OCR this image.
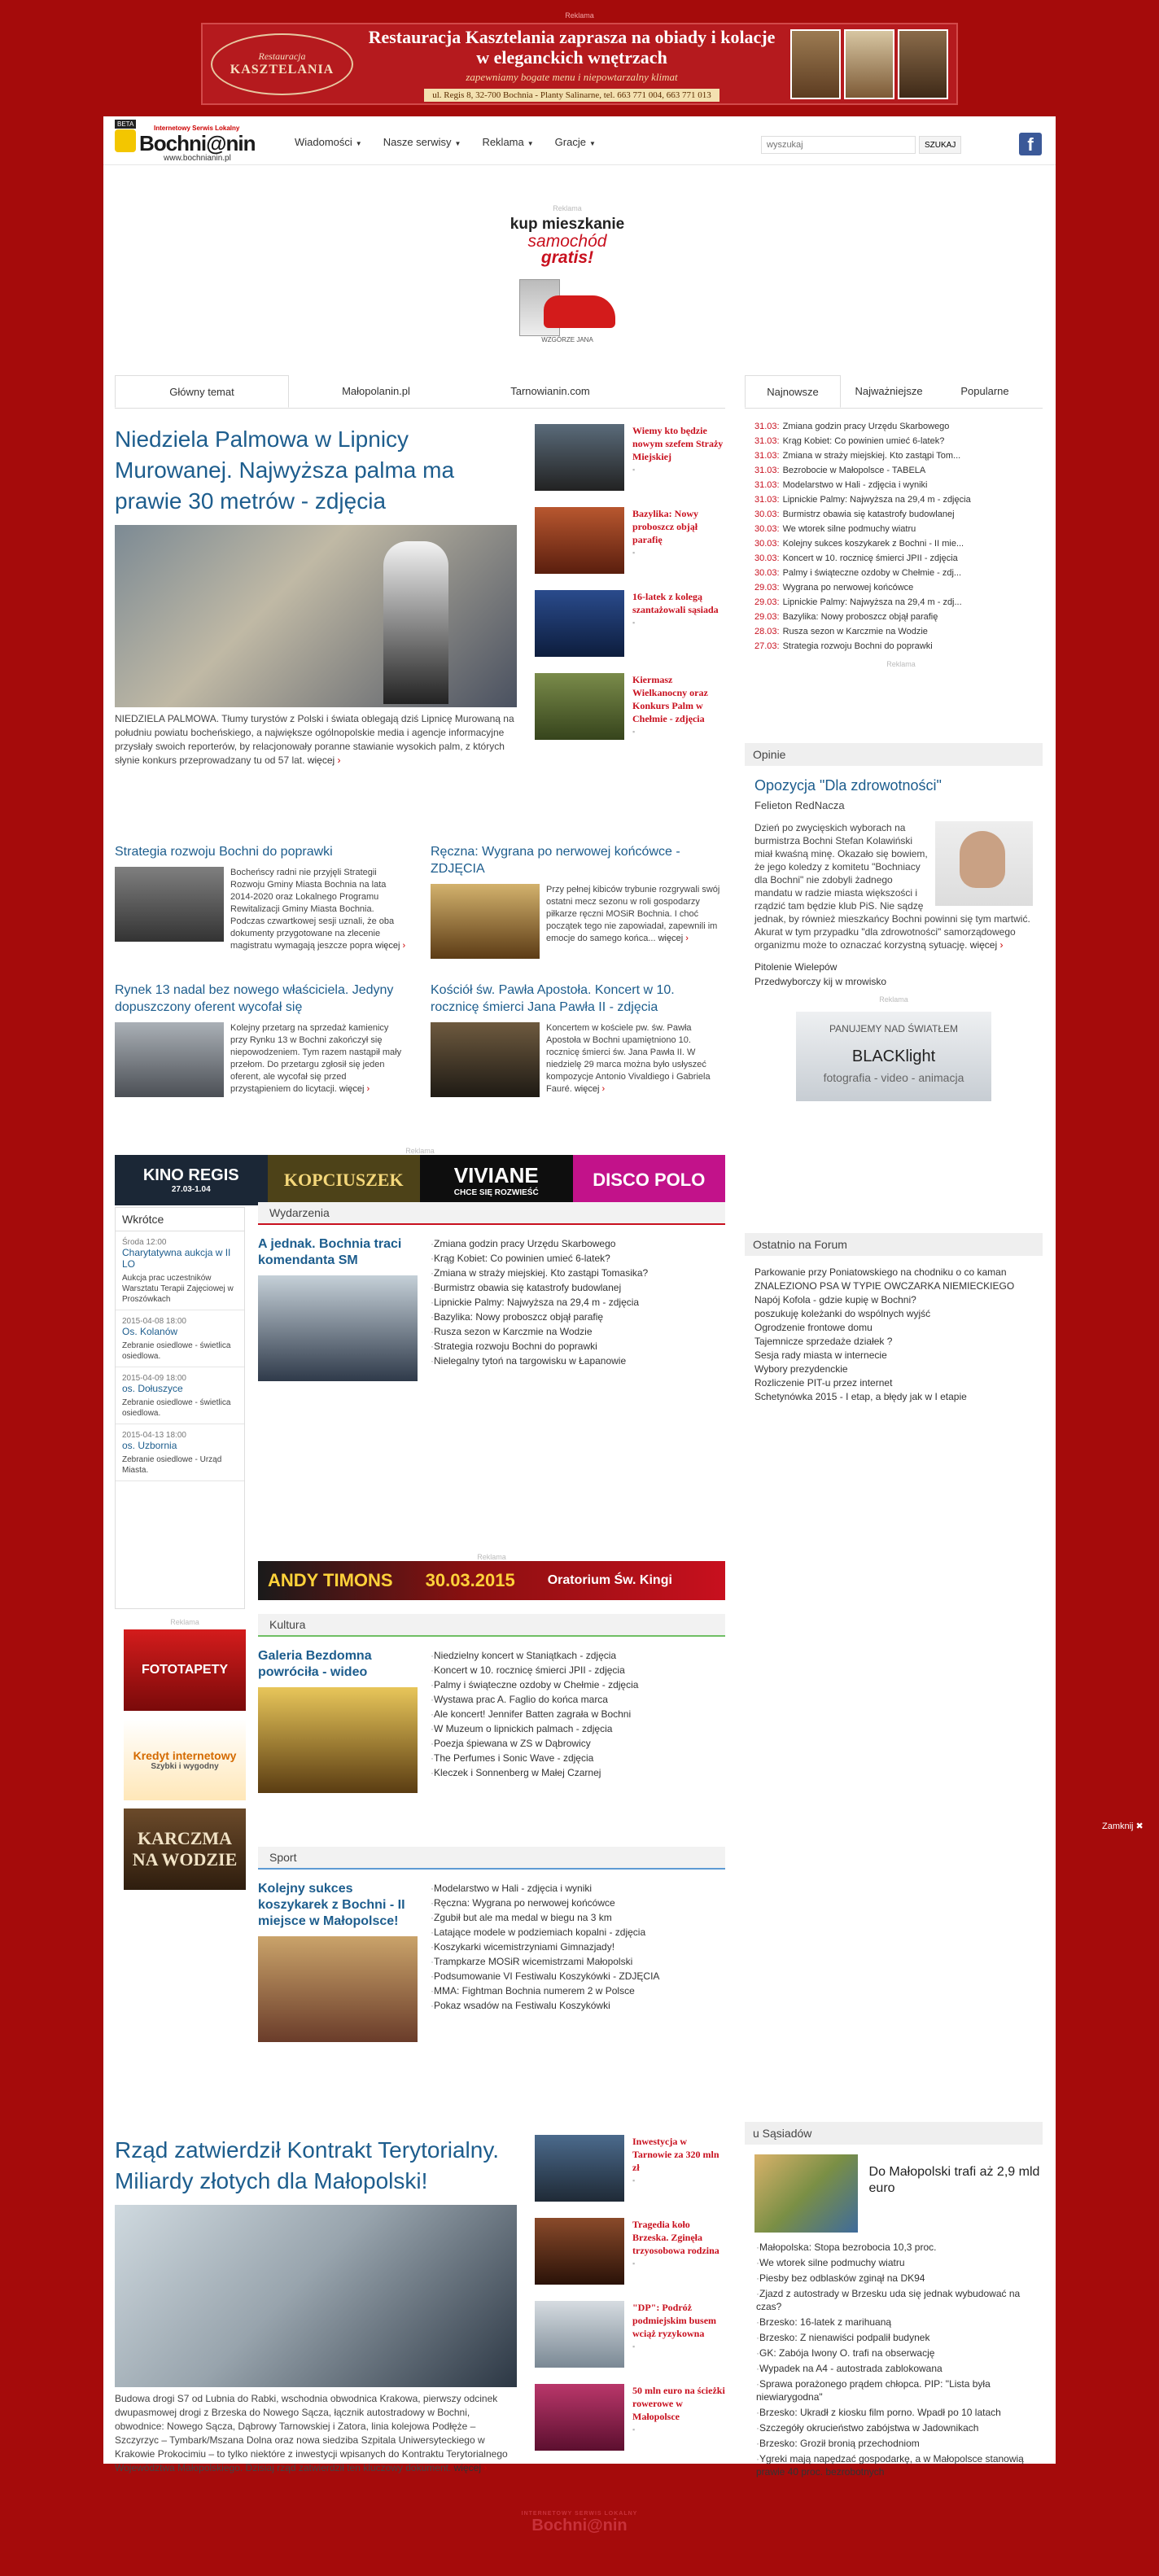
Reklama
Restauracja
KASZTELANIA
Restauracja Kasztelania zaprasza na obiady i kolacje w eleganckich wnętrzach
zapewniamy bogate menu i niepowtarzalny klimat
ul. Regis 8, 32-700 Bochnia - Planty Salinarne, tel. 663 771 004, 663 771 013
BETA
Internetowy Serwis Lokalny
Bochni@nin
www.bochnianin.pl
Wiadomości ▼ Nasze serwisy ▼ Reklama ▼ Gracje ▼
wyszukaj	SZUKAJ	f
Reklama
kup mieszkanie
samochód
gratis!
WZGÓRZE JANA
Główny temat	Małopolanin.pl	Tarnowianin.com	Najnowsze	Najważniejsze	Popularne
Niedziela Palmowa w Lipnicy Murowanej. Najwyższa palma ma prawie 30 metrów - zdjęcia
NIEDZIELA PALMOWA. Tłumy turystów z Polski i świata oblegają dziś Lipnicę Murowaną na południu powiatu bocheńskiego, a największe ogólnopolskie media i agencje informacyjne przysłały swoich reporterów, by relacjonowały poranne stawianie wysokich palm, z których słynie konkurs przeprowadzany tu od 57 lat. więcej ›
Wiemy kto będzie nowym szefem Straży Miejskiej
▪
Bazylika: Nowy proboszcz objął parafię
▪
16-latek z kolegą szantażowali sąsiada
▪
Kiermasz Wielkanocny oraz Konkurs Palm w Chełmie - zdjęcia
▪
31.03: Zmiana godzin pracy Urzędu Skarbowego
31.03: Krąg Kobiet: Co powinien umieć 6-latek?
31.03: Zmiana w straży miejskiej. Kto zastąpi Tom...
31.03: Bezrobocie w Małopolsce - TABELA
31.03: Modelarstwo w Hali - zdjęcia i wyniki
31.03: Lipnickie Palmy: Najwyższa na 29,4 m - zdjęcia
30.03: Burmistrz obawia się katastrofy budowlanej
30.03: We wtorek silne podmuchy wiatru
30.03: Kolejny sukces koszykarek z Bochni - II mie...
30.03: Koncert w 10. rocznicę śmierci JPII - zdjęcia
30.03: Palmy i świąteczne ozdoby w Chełmie - zdj...
29.03: Wygrana po nerwowej końcówce
29.03: Lipnickie Palmy: Najwyższa na 29,4 m - zdj...
29.03: Bazylika: Nowy proboszcz objął parafię
28.03: Rusza sezon w Karczmie na Wodzie
27.03: Strategia rozwoju Bochni do poprawki
Reklama
Strategia rozwoju Bochni do poprawki
Bocheńscy radni nie przyjęli Strategii Rozwoju Gminy Miasta Bochnia na lata 2014-2020 oraz Lokalnego Programu Rewitalizacji Gminy Miasta Bochnia. Podczas czwartkowej sesji uznali, że oba dokumenty przygotowane na zlecenie magistratu wymagają jeszcze popra więcej ›
Ręczna: Wygrana po nerwowej końcówce - ZDJĘCIA
Przy pełnej kibiców trybunie rozgrywali swój ostatni mecz sezonu w roli gospodarzy piłkarze ręczni MOSiR Bochnia. I choć początek tego nie zapowiadał, zapewnili im emocje do samego końca... więcej ›
Rynek 13 nadal bez nowego właściciela. Jedyny dopuszczony oferent wycofał się
Kolejny przetarg na sprzedaż kamienicy przy Rynku 13 w Bochni zakończył się niepowodzeniem. Tym razem nastąpił mały przełom. Do przetargu zgłosił się jeden oferent, ale wycofał się przed przystąpieniem do licytacji. więcej ›
Kościół św. Pawła Apostoła. Koncert w 10. rocznicę śmierci Jana Pawła II - zdjęcia
Koncertem w kościele pw. św. Pawła Apostoła w Bochni upamiętniono 10. rocznicę śmierci św. Jana Pawła II. W niedzielę 29 marca można było usłyszeć kompozycje Antonio Vivaldiego i Gabriela Fauré. więcej ›
Reklama
KINO REGIS
27.03-1.04	KOPCIUSZEK	VIVIANE
CHCE SIĘ ROZWIEŚĆ
DISCO POLO
Wkrótce
Środa 12:00
Charytatywna aukcja w II LO
Aukcja prac uczestników Warsztatu Terapii Zajęciowej w Proszówkach
2015-04-08 18:00
Os. Kolanów
Zebranie osiedlowe - świetlica osiedlowa.
2015-04-09 18:00
os. Dołuszyce
Zebranie osiedlowe - świetlica osiedlowa.
2015-04-13 18:00
os. Uzbornia
Zebranie osiedlowe - Urząd Miasta.
Reklama
FOTOTAPETY
Kredyt internetowy
Szybki i wygodny
KARCZMA NA WODZIE
Wydarzenia
A jednak. Bochnia traci komendanta SM
· Zmiana godzin pracy Urzędu Skarbowego
· Krąg Kobiet: Co powinien umieć 6-latek?
· Zmiana w straży miejskiej. Kto zastąpi Tomasika?
· Burmistrz obawia się katastrofy budowlanej
· Lipnickie Palmy: Najwyższa na 29,4 m - zdjęcia
· Bazylika: Nowy proboszcz objął parafię
· Rusza sezon w Karczmie na Wodzie
· Strategia rozwoju Bochni do poprawki
· Nielegalny tytoń na targowisku w Łapanowie
Reklama
ANDY TIMONS 30.03.2015	Oratorium Św. Kingi
Kultura
Galeria Bezdomna powróciła - wideo
· Niedzielny koncert w Staniątkach - zdjęcia
· Koncert w 10. rocznicę śmierci JPII - zdjęcia
· Palmy i świąteczne ozdoby w Chełmie - zdjęcia
· Wystawa prac A. Faglio do końca marca
· Ale koncert! Jennifer Batten zagrała w Bochni
· W Muzeum o lipnickich palmach - zdjęcia
· Poezja śpiewana w ZS w Dąbrowicy
· The Perfumes i Sonic Wave - zdjęcia
· Kleczek i Sonnenberg w Małej Czarnej
Sport
Kolejny sukces koszykarek z Bochni - II miejsce w Małopolsce!
· Modelarstwo w Hali - zdjęcia i wyniki
· Ręczna: Wygrana po nerwowej końcówce
· Zgubił but ale ma medal w biegu na 3 km
· Latające modele w podziemiach kopalni - zdjęcia
· Koszykarki wicemistrzyniami Gimnazjady!
· Trampkarze MOSiR wicemistrzami Małopolski
· Podsumowanie VI Festiwalu Koszykówki - ZDJĘCIA
· MMA: Fightman Bochnia numerem 2 w Polsce
· Pokaz wsadów na Festiwalu Koszykówki
Opinie
Opozycja "Dla zdrowotności"
Felieton RedNacza
Dzień po zwycięskich wyborach na burmistrza Bochni Stefan Kolawiński miał kwaśną minę. Okazało się bowiem, że jego koledzy z komitetu "Bochniacy dla Bochni" nie zdobyli żadnego mandatu w radzie miasta większości i rządzić tam będzie klub PiS. Nie sądzę jednak, by również mieszkańcy Bochni powinni się tym martwić. Akurat w tym przypadku "dla zdrowotności" samorządowego organizmu może to oznaczać korzystną sytuację. więcej ›
Pitolenie Wielepów
Przedwyborczy kij w mrowisko
Reklama
PANUJEMY NAD ŚWIATŁEM
BLACKlight
fotografia - video - animacja
Ostatnio na Forum
Parkowanie przy Poniatowskiego na chodniku o co kaman
ZNALEZIONO PSA W TYPIE OWCZARKA NIEMIECKIEGO
Napój Kofola - gdzie kupię w Bochni?
poszukuję koleżanki do wspólnych wyjść
Ogrodzenie frontowe domu
Tajemnicze sprzedaże działek ?
Sesja rady miasta w internecie
Wybory prezydenckie
Rozliczenie PIT-u przez internet
Schetynówka 2015 - I etap, a błędy jak w I etapie
Rząd zatwierdził Kontrakt Terytorialny. Miliardy złotych dla Małopolski!
Budowa drogi S7 od Lubnia do Rabki, wschodnia obwodnica Krakowa, pierwszy odcinek dwupasmowej drogi z Brzeska do Nowego Sącza, łącznik autostradowy w Bochni, obwodnice: Nowego Sącza, Dąbrowy Tarnowskiej i Zatora, linia kolejowa Podłęże – Szczyrzyc – Tymbark/Mszana Dolna oraz nowa siedziba Szpitala Uniwersyteckiego w Krakowie Prokocimiu – to tylko niektóre z inwestycji wpisanych do Kontraktu Terytorialnego Województwa Małopolskiego. Dzisiaj rząd zatwierdził ten kluczowy dokument. więcej ›
Inwestycja w Tarnowie za 320 mln zł
▪
Tragedia koło Brzeska. Zginęła trzyosobowa rodzina
▪
"DP": Podróż podmiejskim busem wciąż ryzykowna
▪
50 mln euro na ścieżki rowerowe w Małopolsce
▪
u Sąsiadów
Do Małopolski trafi aż 2,9 mld euro
· Małopolska: Stopa bezrobocia 10,3 proc.
· We wtorek silne podmuchy wiatru
· Piesby bez odblasków zginął na DK94
· Zjazd z autostrady w Brzesku uda się jednak wybudować na czas?
· Brzesko: 16-latek z marihuaną
· Brzesko: Z nienawiści podpalił budynek
· GK: Zabója Iwony O. trafi na obserwację
· Wypadek na A4 - autostrada zablokowana
· Sprawa porażonego prądem chłopca. PIP: "Lista była niewiarygodna"
· Brzesko: Ukradł z kiosku film porno. Wpadł po 10 latach
· Szczegóły okrucieństwo zabójstwa w Jadownikach
· Brzesko: Groził bronią przechodniom
· Ygreki mają napędzać gospodarkę, a w Małopolsce stanowią prawie 40 proc. bezrobotnych
Zamknij ✖
INTERNETOWY SERWIS LOKALNY
Bochni@nin
